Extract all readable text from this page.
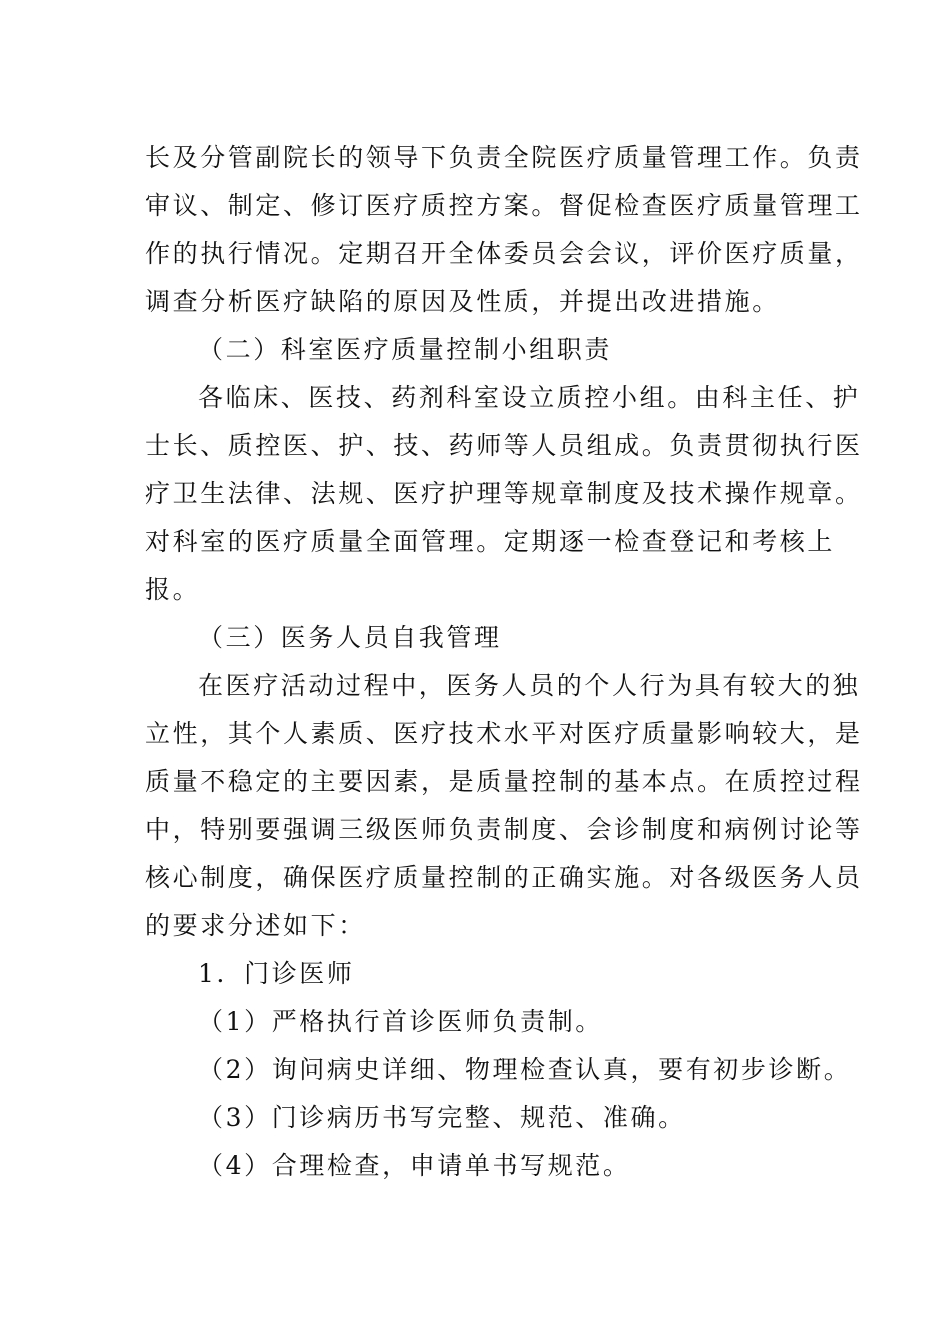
长及分管副院长的领导下负责全院医疗质量管理工作。负责
审议、制定、修订医疗质控方案。督促检查医疗质量管理工
作的执行情况。定期召开全体委员会会议，评价医疗质量，
调查分析医疗缺陷的原因及性质，并提出改进措施。
（二）科室医疗质量控制小组职责
各临床、医技、药剂科室设立质控小组。由科主任、护
士长、质控医、护、技、药师等人员组成。负责贯彻执行医
疗卫生法律、法规、医疗护理等规章制度及技术操作规章。
对科室的医疗质量全面管理。定期逐一检查登记和考核上
报。
（三）医务人员自我管理
在医疗活动过程中，医务人员的个人行为具有较大的独
立性，其个人素质、医疗技术水平对医疗质量影响较大，是
质量不稳定的主要因素，是质量控制的基本点。在质控过程
中，特别要强调三级医师负责制度、会诊制度和病例讨论等
核心制度，确保医疗质量控制的正确实施。对各级医务人员
的要求分述如下：
1．门诊医师
（1）严格执行首诊医师负责制。
（2）询问病史详细、物理检查认真，要有初步诊断。
（3）门诊病历书写完整、规范、准确。
（4）合理检查，申请单书写规范。
